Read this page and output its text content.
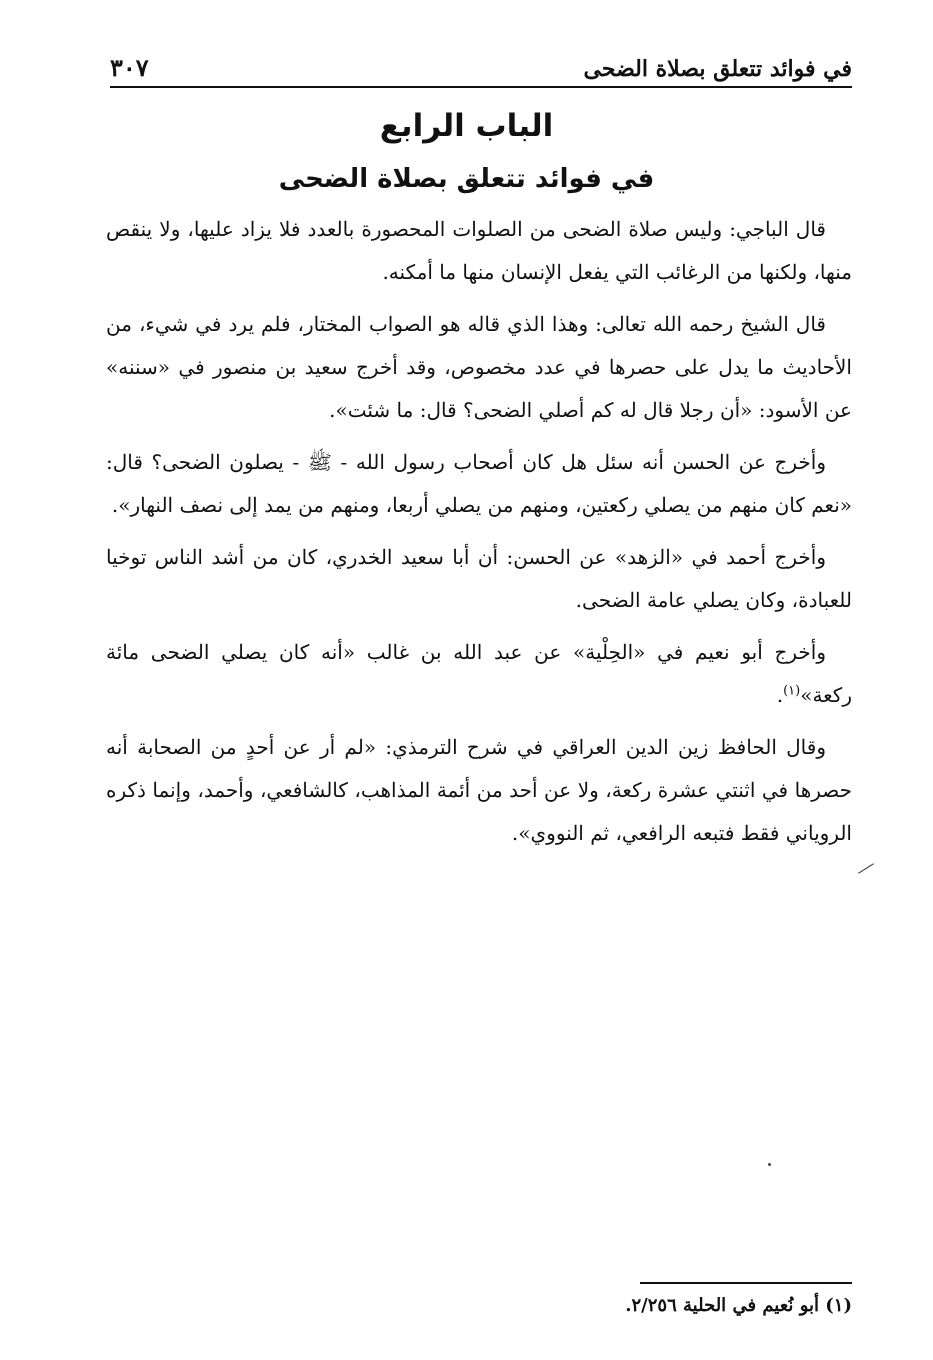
في فوائد تتعلق بصلاة الضحى
٣٠٧
الباب الرابع
في فوائد تتعلق بصلاة الضحى

قال الباجي: وليس صلاة الضحى من الصلوات المحصورة بالعدد فلا يزاد عليها، ولا ينقص منها، ولكنها من الرغائب التي يفعل الإنسان منها ما أمكنه.

قال الشيخ رحمه الله تعالى: وهذا الذي قاله هو الصواب المختار، فلم يرد في شيء، من الأحاديث ما يدل على حصرها في عدد مخصوص، وقد أخرج سعيد بن منصور في «سننه» عن الأسود: «أن رجلا قال له كم أصلي الضحى؟ قال: ما شئت».

وأخرج عن الحسن أنه سئل هل كان أصحاب رسول الله - ﷺ - يصلون الضحى؟ قال: «نعم كان منهم من يصلي ركعتين، ومنهم من يصلي أربعا، ومنهم من يمد إلى نصف النهار».

وأخرج أحمد في «الزهد» عن الحسن: أن أبا سعيد الخدري، كان من أشد الناس توخيا للعبادة، وكان يصلي عامة الضحى.

وأخرج أبو نعيم في «الحِلْية» عن عبد الله بن غالب «أنه كان يصلي الضحى مائة ركعة»$^{(١)}$.

وقال الحافظ زين الدين العراقي في شرح الترمذي: «لم أر عن أحدٍ من الصحابة أنه حصرها في اثنتي عشرة ركعة، ولا عن أحد من أئمة المذاهب، كالشافعي، وأحمد، وإنما ذكره الروياني فقط فتبعه الرافعي، ثم النووي».

(١) أبو نُعيم في الحلية ٢/٢٥٦.
